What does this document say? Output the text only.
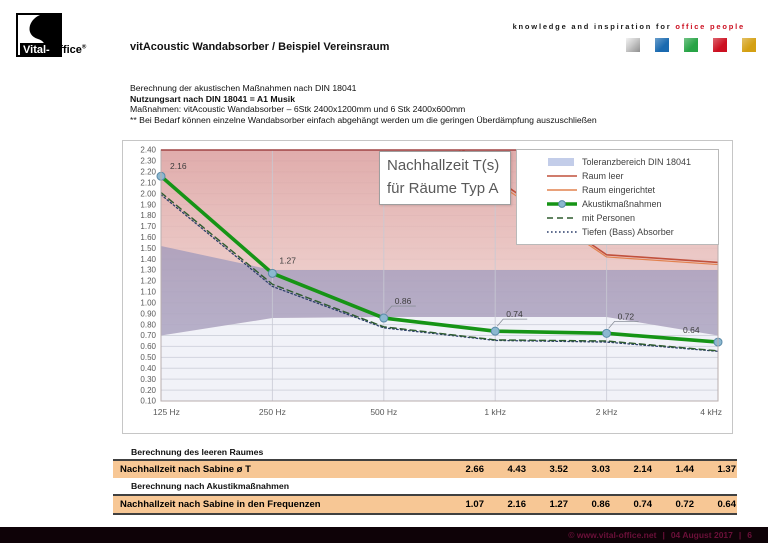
Vital-Office®	vitAcoustic Wandabsorber / Beispiel Vereinsraum
knowledge and inspiration for office people
Berechnung der akustischen Maßnahmen nach DIN 18041
Nutzungsart nach DIN 18041 = A1 Musik
Maßnahmen: vitAcoustic Wandabsorber – 6Stk 2400x1200mm und 6 Stk 2400x600mm
** Bei Bedarf können einzelne Wandabsorber einfach abgehängt werden um die geringen Überdämpfung auszuschließen
2.16
1.27
0.86
0.74	0.72
0.64
0.10
0.20
0.30
0.40
0.50
0.60
0.70
0.80
0.90
1.00
1.10
1.20
1.30
1.40
1.50
1.60
1.70
1.80
1.90
2.00
2.10
2.20
2.30
2.40
125 Hz	250 Hz	500 Hz	1 kHz	2 kHz	4 kHz
Nachhallzeit T(s)
für Räume Typ A
Toleranzbereich DIN 18041
Raum leer
Raum eingerichtet
Akustikmaßnahmen
mit Personen
Tiefen (Bass) Absorber
Berechnung des leeren Raumes
Nachhallzeit nach Sabine ø T	2.66	4.43	3.52	3.03	2.14	1.44	1.37
Berechnung nach Akustikmaßnahmen
Nachhallzeit nach Sabine in den Frequenzen	1.07	2.16	1.27	0.86	0.74	0.72	0.64
© www.vital-office.net | 04 August 2017 | 6
